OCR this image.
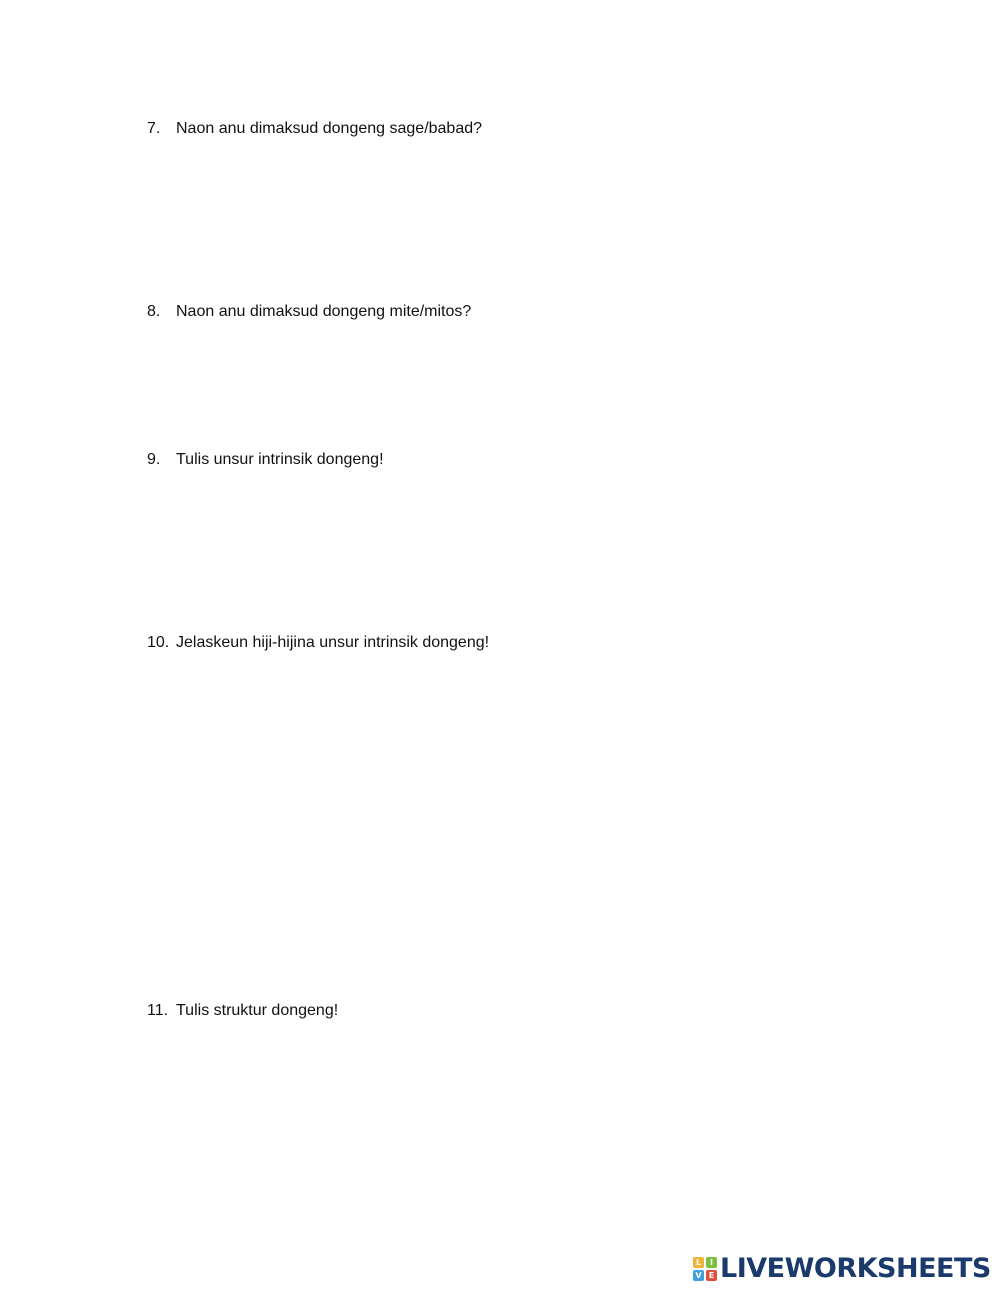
7. Naon anu dimaksud dongeng sage/babad?
8. Naon anu dimaksud dongeng mite/mitos?
9. Tulis unsur intrinsik dongeng!
10. Jelaskeun hiji-hijina unsur intrinsik dongeng!
11. Tulis struktur dongeng!
L	I
V E LIVEWORKSHEETS
